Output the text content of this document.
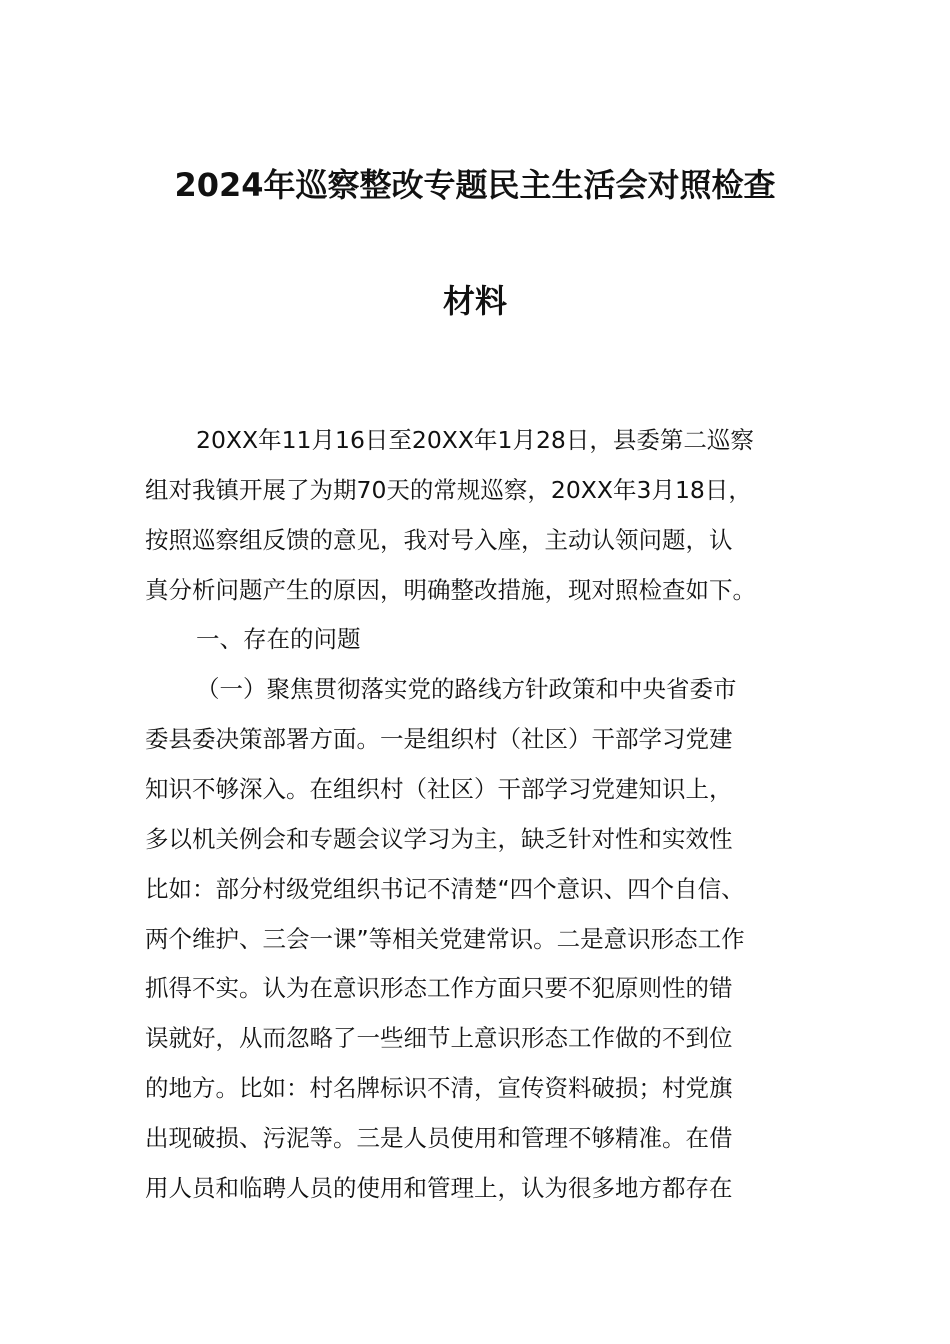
2024年巡察整改专题民主生活会对照检查
材料
20XX年11月16日至20XX年1月28日，县委第二巡察
组对我镇开展了为期70天的常规巡察，20XX年3月18日，
按照巡察组反馈的意见，我对号入座，主动认领问题，认
真分析问题产生的原因，明确整改措施，现对照检查如下。
一、存在的问题
（一）聚焦贯彻落实党的路线方针政策和中央省委市
委县委决策部署方面。一是组织村（社区）干部学习党建
知识不够深入。在组织村（社区）干部学习党建知识上，
多以机关例会和专题会议学习为主，缺乏针对性和实效性
比如：部分村级党组织书记不清楚“四个意识、四个自信、
两个维护、三会一课”等相关党建常识。二是意识形态工作
抓得不实。认为在意识形态工作方面只要不犯原则性的错
误就好，从而忽略了一些细节上意识形态工作做的不到位
的地方。比如：村名牌标识不清，宣传资料破损；村党旗
出现破损、污泥等。三是人员使用和管理不够精准。在借
用人员和临聘人员的使用和管理上，认为很多地方都存在
